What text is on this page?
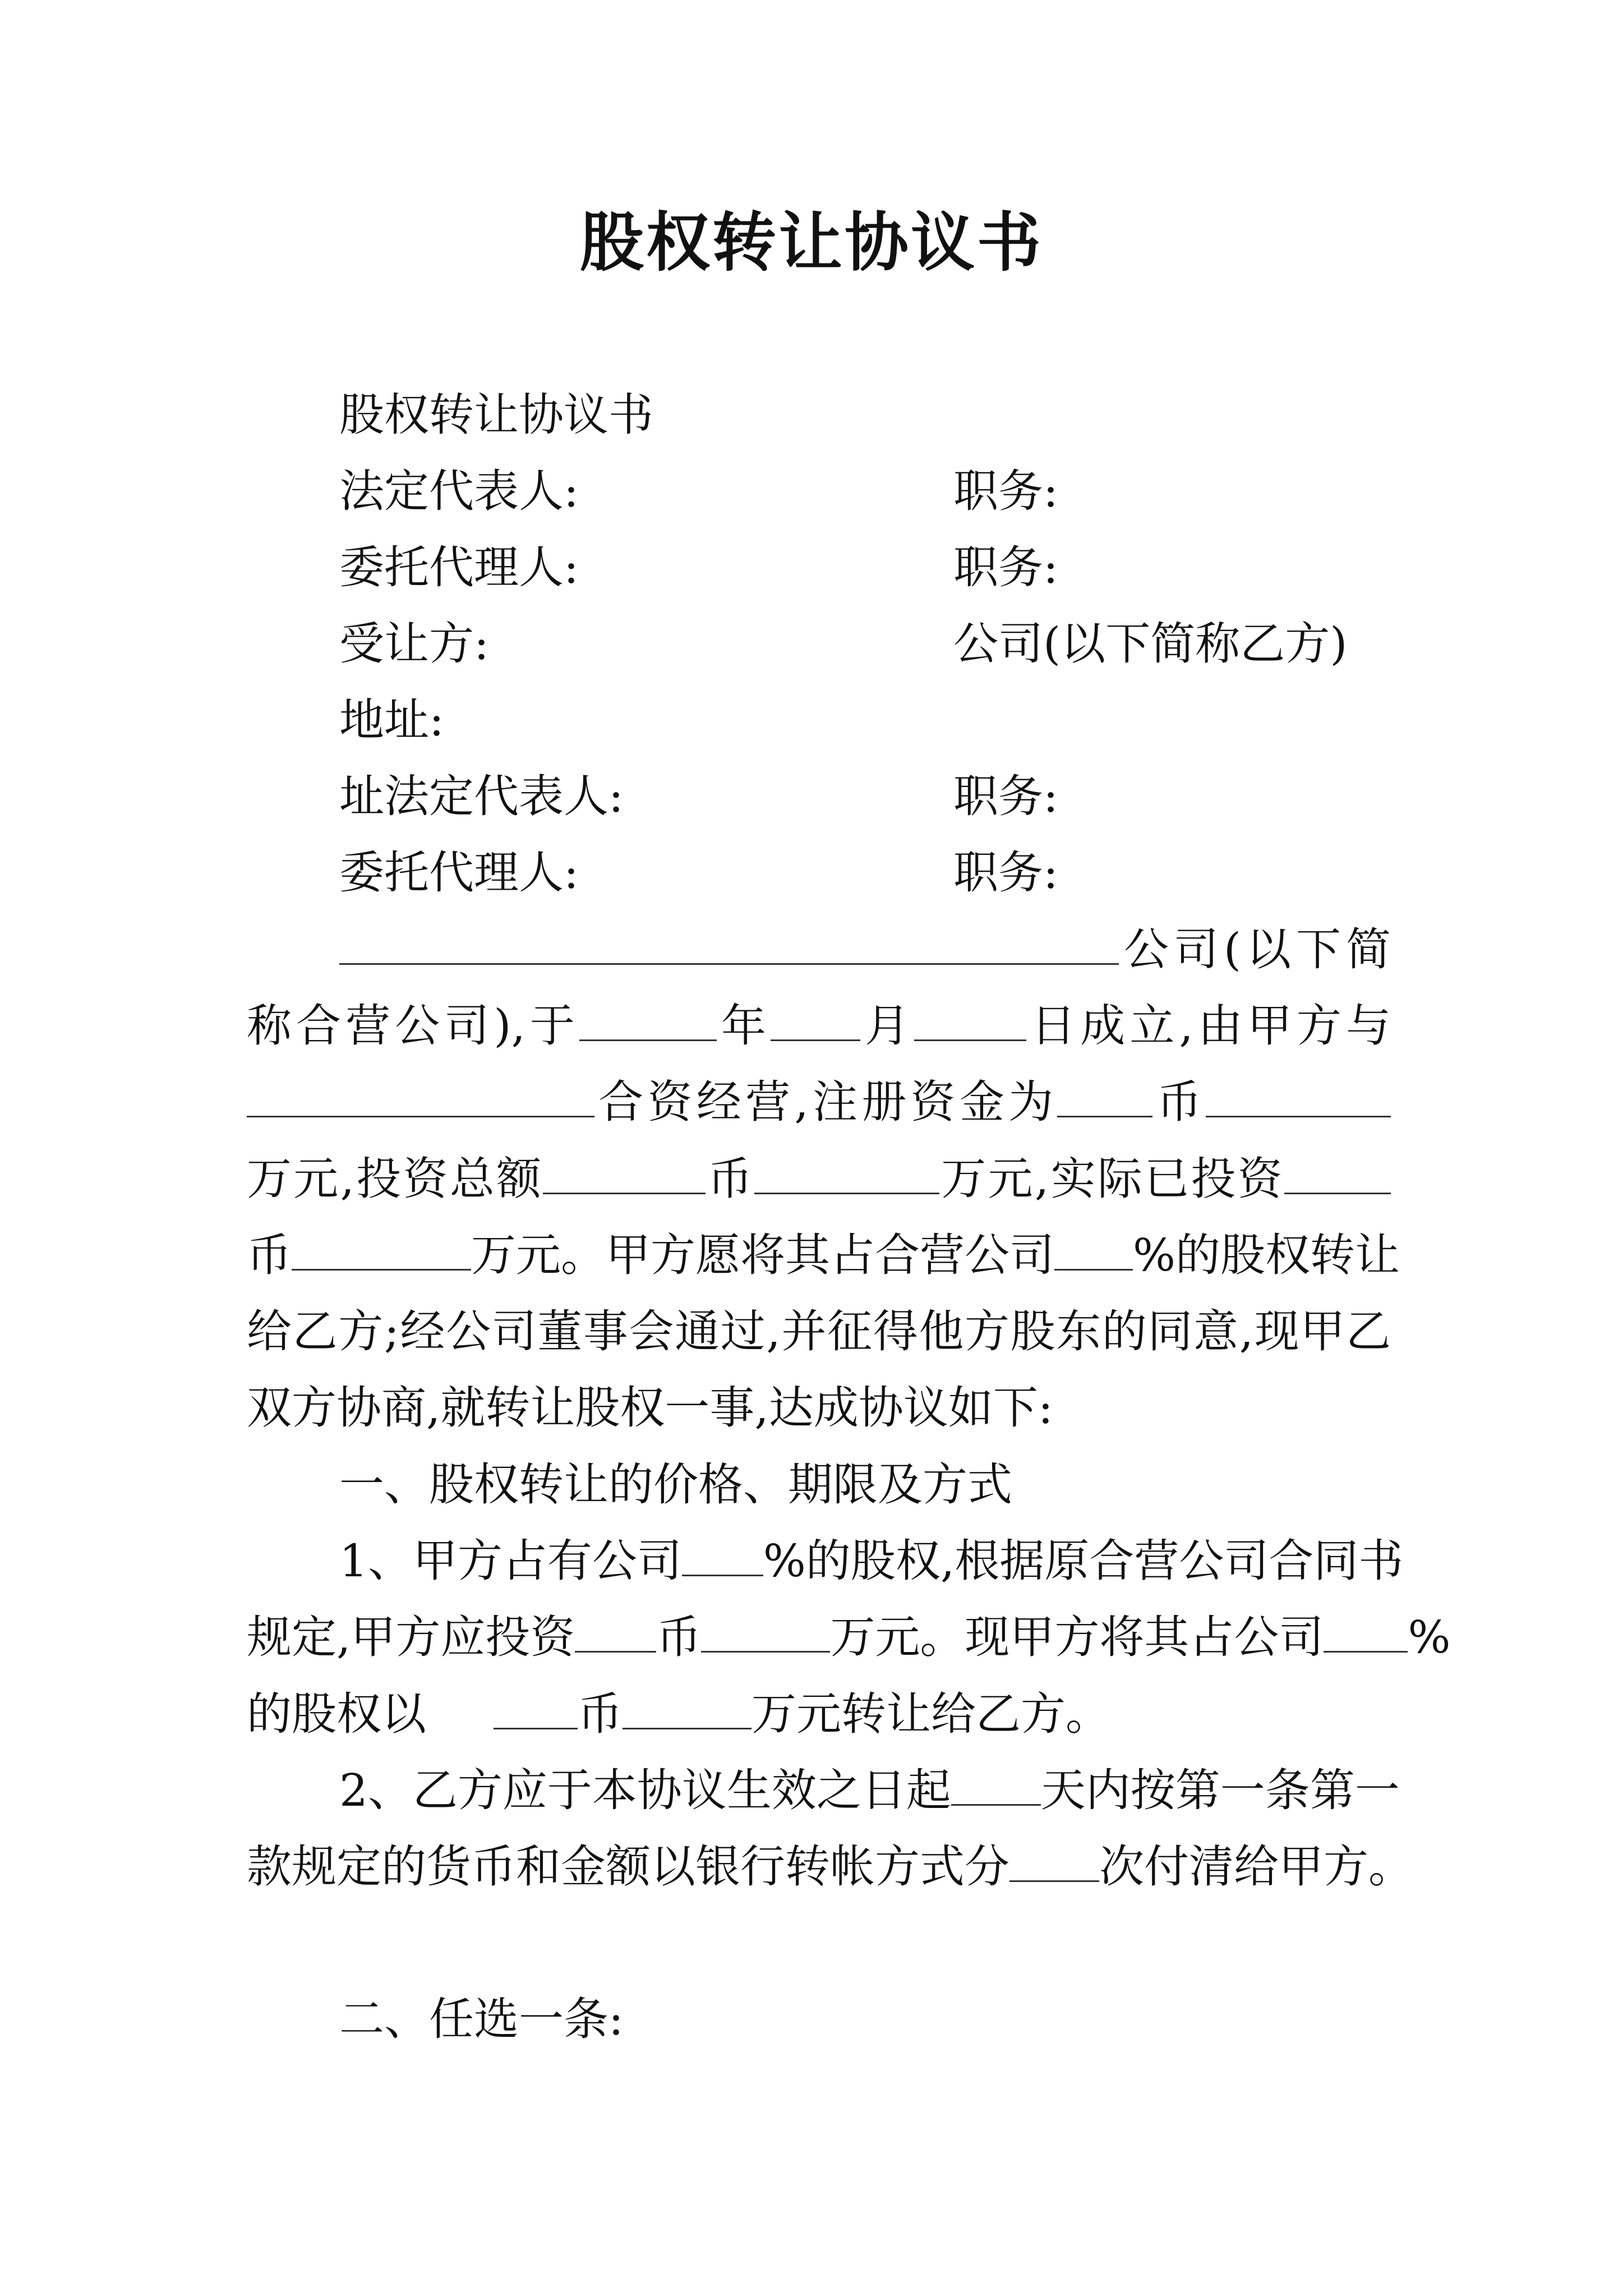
股权转让协议书
股权转让协议书
法定代表人:	职务:
委托代理人:	职务:
受让方:	公司(以下简称乙方)
地址:
址法定代表人:	职务:
委托代理人:	职务:
公司(以下简
称合营公司),于	年 月	日成立,由甲方与
合资经营,注册资金为 币
万元,投资总额	币	万元,实际已投资
币	万元。甲方愿将其占合营公司 %的股权转让
给乙方;经公司董事会通过,并征得他方股东的同意,现甲乙
双方协商,就转让股权一事,达成协议如下:
一、股权转让的价格、期限及方式
1、甲方占有公司 %的股权,根据原合营公司合同书
规定,甲方应投资 币	万元。现甲方将其占公司 %
的股权以	币	万元转让给乙方。
2、乙方应于本协议生效之日起 天内按第一条第一
款规定的货币和金额以银行转帐方式分 次付清给甲方。
二、任选一条:
